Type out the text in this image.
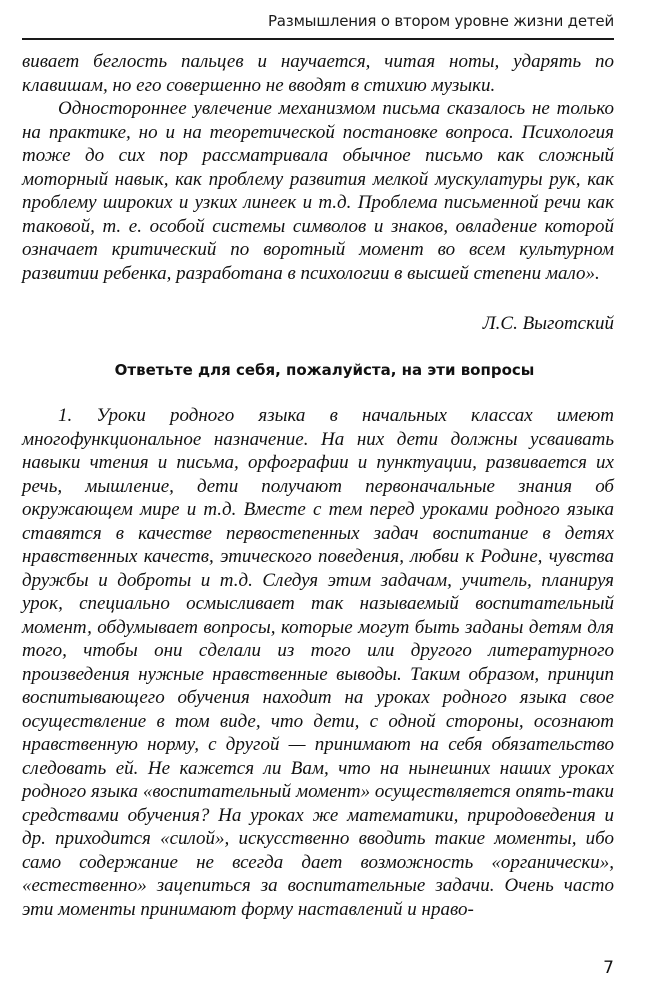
Размышления о втором уровне жизни детей

вивает беглость пальцев и научается, читая ноты, ударять по клавишам, но его совершенно не вводят в стихию музыки.

Одностороннее увлечение механизмом письма сказалось не только на практике, но и на теоретической постановке вопроса. Психология тоже до сих пор рассматривала обычное письмо как сложный моторный навык, как проблему развития мелкой мускулатуры рук, как проблему широких и узких линеек и т.д. Проблема письменной речи как таковой, т. е. особой системы символов и знаков, овладение которой означает критический по воротный момент во всем культурном развитии ребенка, разработана в психологии в высшей степени мало».

Л.С. Выготский
Ответьте для себя, пожалуйста, на эти вопросы

1. Уроки родного языка в начальных классах имеют многофункциональное назначение. На них дети должны усваивать навыки чтения и письма, орфографии и пунктуации, развивается их речь, мышление, дети получают первоначальные знания об окружающем мире и т.д. Вместе с тем перед уроками родного языка ставятся в качестве первостепенных задач воспитание в детях нравственных качеств, этического поведения, любви к Родине, чувства дружбы и доброты и т.д. Следуя этим задачам, учитель, планируя урок, специально осмысливает так называемый воспитательный момент, обдумывает вопросы, которые могут быть заданы детям для того, чтобы они сделали из того или другого литературного произведения нужные нравственные выводы. Таким образом, принцип воспитывающего обучения находит на уроках родного языка свое осуществление в том виде, что дети, с одной стороны, осознают нравственную норму, с другой — принимают на себя обязательство следовать ей. Не кажется ли Вам, что на нынешних наших уроках родного языка «воспитательный момент» осуществляется опять-таки средствами обучения? На уроках же математики, природоведения и др. приходится «силой», искусственно вводить такие моменты, ибо само содержание не всегда дает возможность «органически», «естественно» зацепиться за воспитательные задачи. Очень часто эти моменты принимают форму наставлений и нраво-

7
